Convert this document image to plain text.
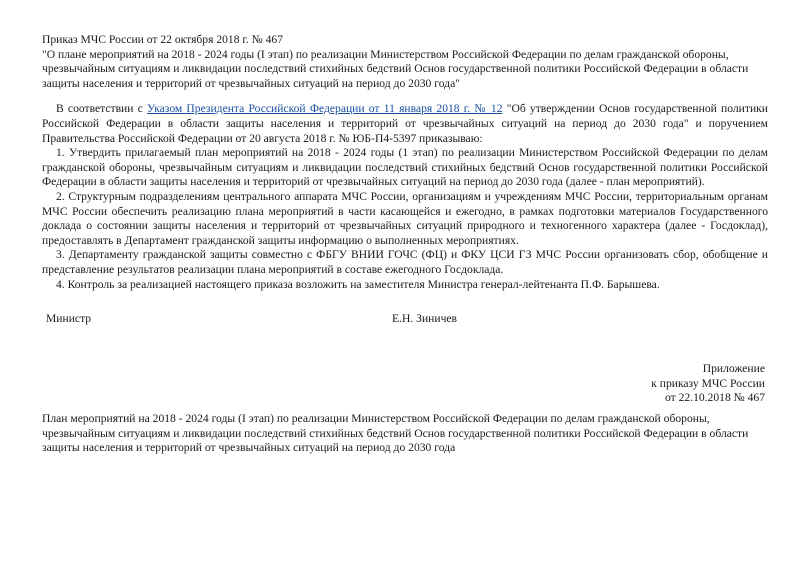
Приказ МЧС России от 22 октября 2018 г. № 467

"О плане мероприятий на 2018 - 2024 годы (I этап) по реализации Министерством Российской Федерации по делам гражданской обороны, чрезвычайным ситуациям и ликвидации последствий стихийных бедствий Основ государственной политики Российской Федерации в области защиты населения и территорий от чрезвычайных ситуаций на период до 2030 года"

В соответствии с Указом Президента Российской Федерации от 11 января 2018 г. № 12 "Об утверждении Основ государственной политики Российской Федерации в области защиты населения и территорий от чрезвычайных ситуаций на период до 2030 года" и поручением Правительства Российской Федерации от 20 августа 2018 г. № ЮБ-П4-5397 приказываю:

1. Утвердить прилагаемый план мероприятий на 2018 - 2024 годы (1 этап) по реализации Министерством Российской Федерации по делам гражданской обороны, чрезвычайным ситуациям и ликвидации последствий стихийных бедствий Основ государственной политики Российской Федерации в области защиты населения и территорий от чрезвычайных ситуаций на период до 2030 года (далее - план мероприятий).

2. Структурным подразделениям центрального аппарата МЧС России, организациям и учреждениям МЧС России, территориальным органам МЧС России обеспечить реализацию плана мероприятий в части касающейся и ежегодно, в рамках подготовки материалов Государственного доклада о состоянии защиты населения и территорий от чрезвычайных ситуаций природного и техногенного характера (далее - Госдоклад), предоставлять в Департамент гражданской защиты информацию о выполненных мероприятиях.

3. Департаменту гражданской защиты совместно с ФБГУ ВНИИ ГОЧС (ФЦ) и ФКУ ЦСИ ГЗ МЧС России организовать сбор, обобщение и представление результатов реализации плана мероприятий в составе ежегодного Госдоклада.

4. Контроль за реализацией настоящего приказа возложить на заместителя Министра генерал-лейтенанта П.Ф. Барышева.

Министр	Е.Н. Зиничев
Приложение
к приказу МЧС России
от 22.10.2018 № 467

План мероприятий на 2018 - 2024 годы (I этап) по реализации Министерством Российской Федерации по делам гражданской обороны, чрезвычайным ситуациям и ликвидации последствий стихийных бедствий Основ государственной политики Российской Федерации в области защиты населения и территорий от чрезвычайных ситуаций на период до 2030 года
